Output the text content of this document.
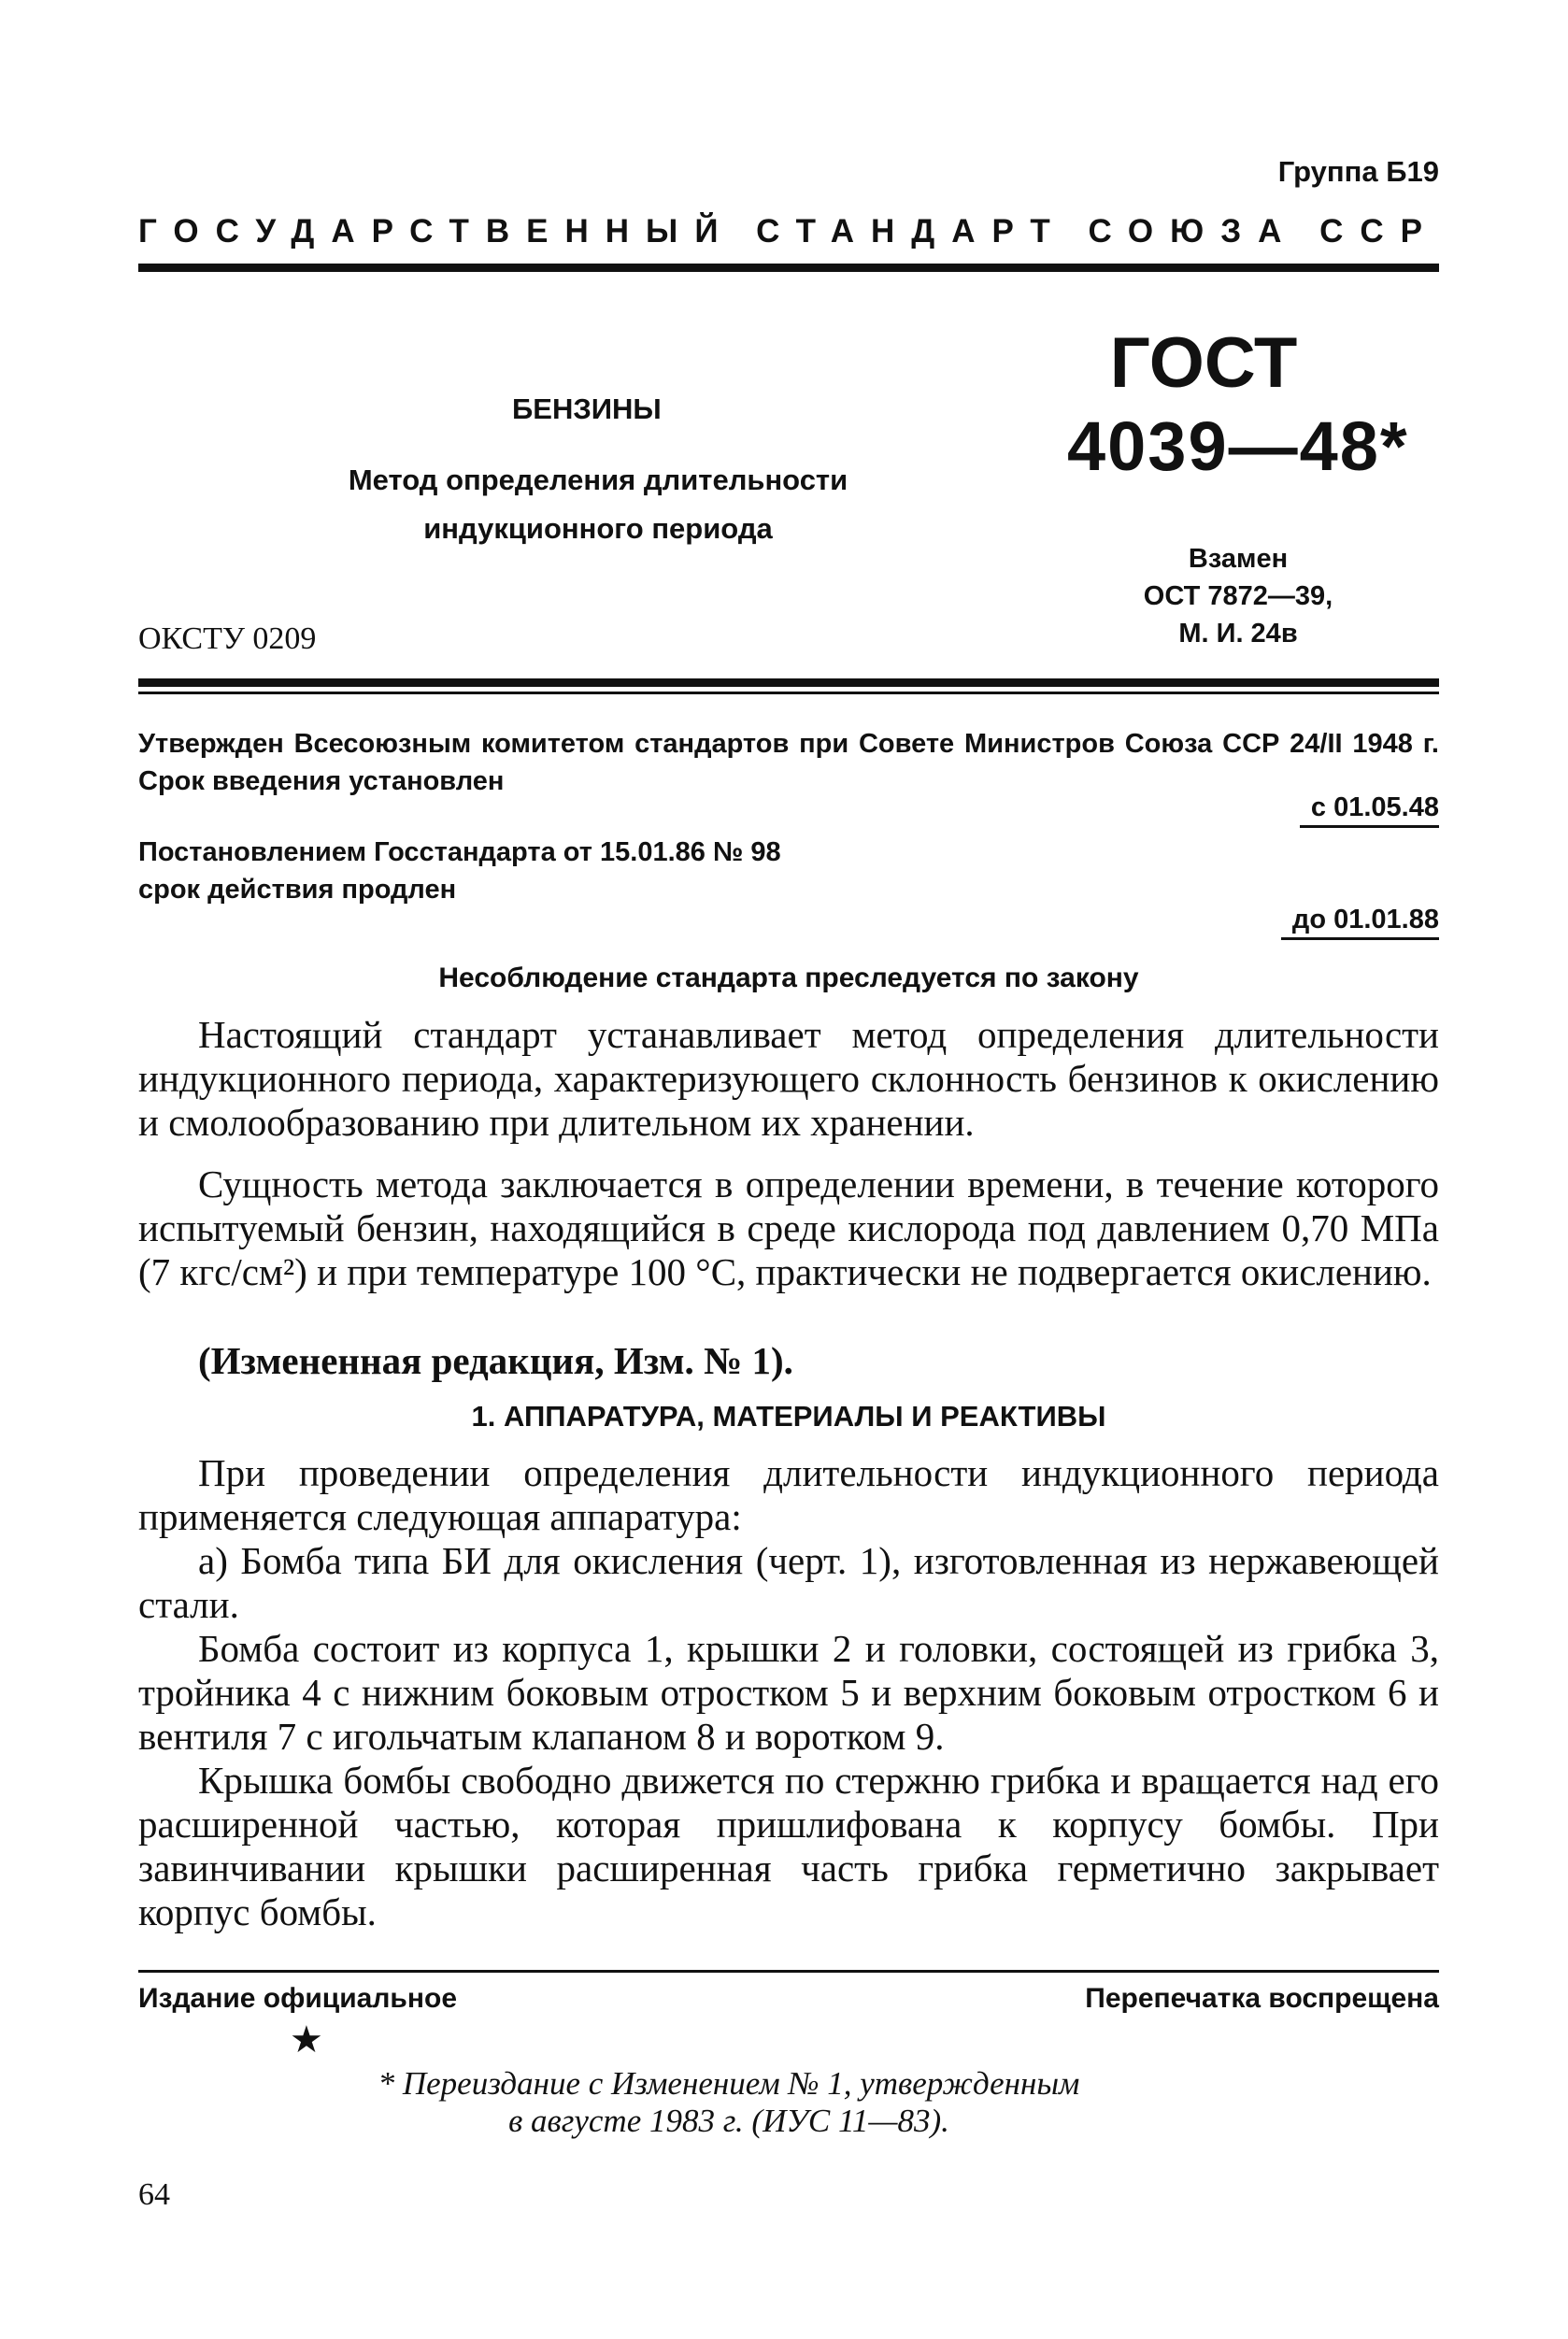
Группа Б19
ГОСУДАРСТВЕННЫЙ СТАНДАРТ СОЮЗА ССР
БЕНЗИНЫ
Метод определения длительности
индукционного периода
ГОСТ
4039—48*
Взамен
ОСТ 7872—39,
М. И. 24в
ОКСТУ 0209
Утвержден Всесоюзным комитетом стандартов при Совете Министров Союза ССР 24/II 1948 г. Срок введения установлен
с 01.05.48
Постановлением Госстандарта от 15.01.86 № 98
срок действия продлен
до 01.01.88
Несоблюдение стандарта преследуется по закону
Настоящий стандарт устанавливает метод определения длительности индукционного периода, характеризующего склонность бензинов к окислению и смолообразованию при длительном их хранении.
Сущность метода заключается в определении времени, в течение которого испытуемый бензин, находящийся в среде кислорода под давлением 0,70 МПа (7 кгс/см²) и при температуре 100 °С, практически не подвергается окислению.
(Измененная редакция, Изм. № 1).
1. АППАРАТУРА, МАТЕРИАЛЫ И РЕАКТИВЫ
При проведении определения длительности индукционного периода применяется следующая аппаратура:
а) Бомба типа БИ для окисления (черт. 1), изготовленная из нержавеющей стали.
Бомба состоит из корпуса 1, крышки 2 и головки, состоящей из грибка 3, тройника 4 с нижним боковым отростком 5 и верхним боковым отростком 6 и вентиля 7 с игольчатым клапаном 8 и воротком 9.
Крышка бомбы свободно движется по стержню грибка и вращается над его расширенной частью, которая пришлифована к корпусу бомбы. При завинчивании крышки расширенная часть грибка герметично закрывает корпус бомбы.
Издание официальное	Перепечатка воспрещена
★
* Переиздание с Изменением № 1, утвержденным
в августе 1983 г. (ИУС 11—83).
64
